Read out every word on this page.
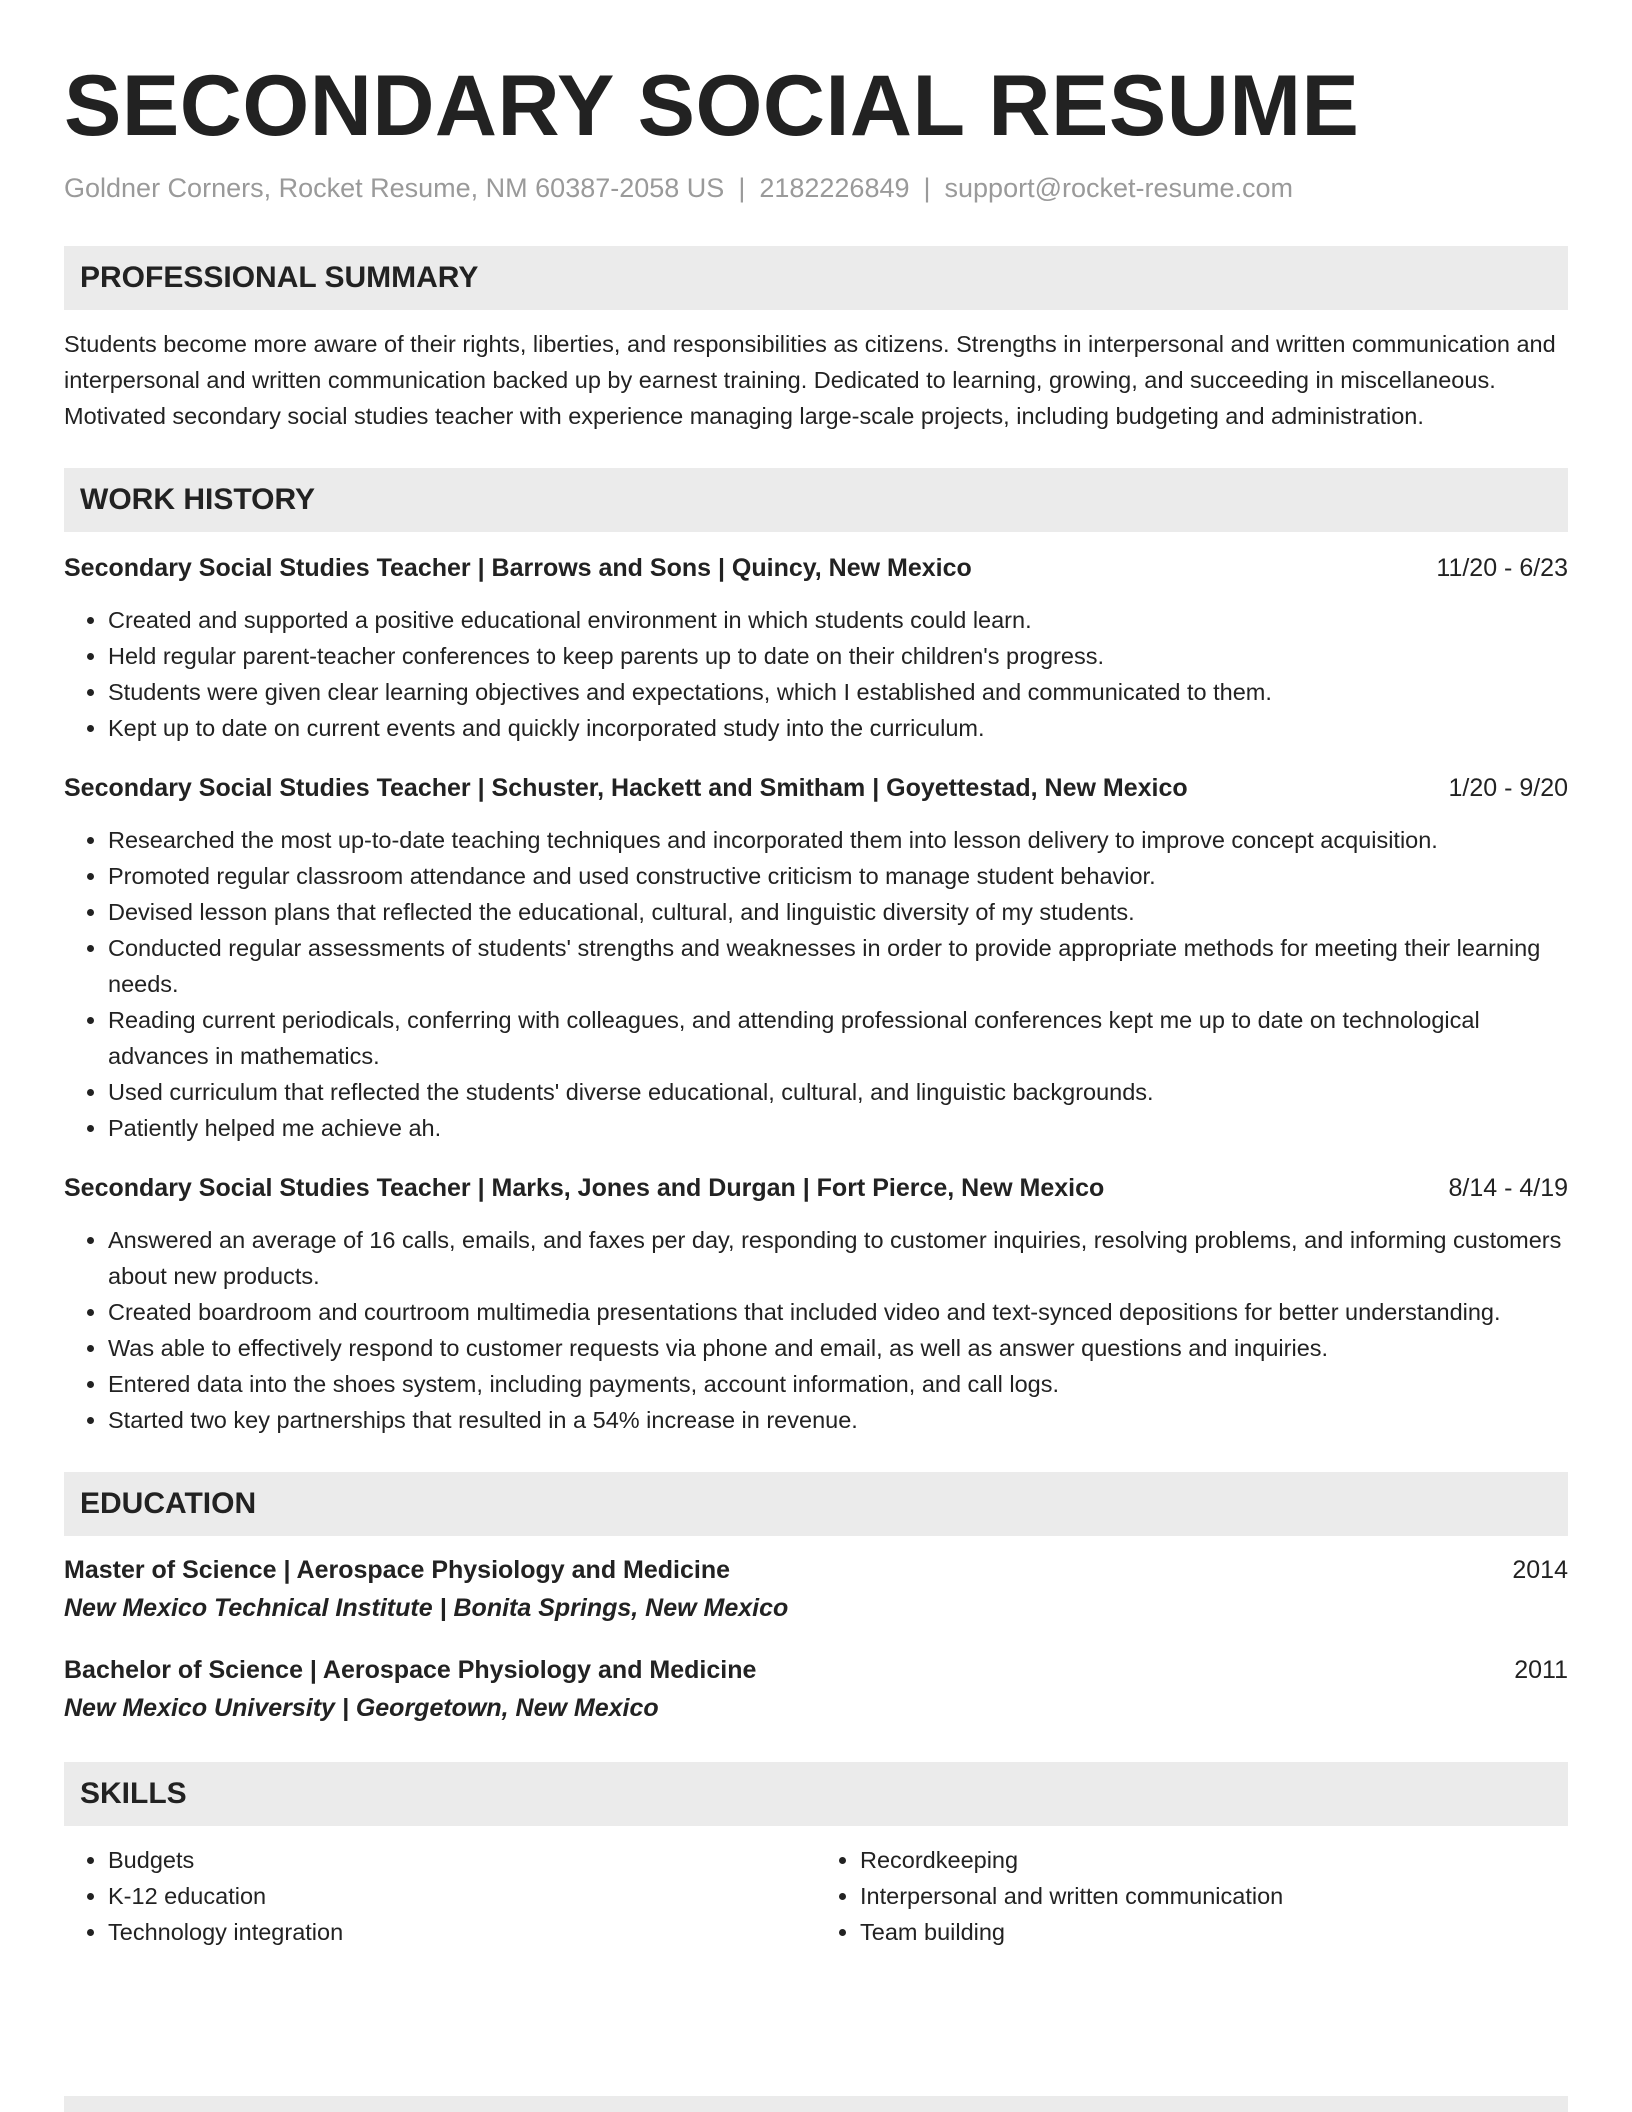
SECONDARY SOCIAL RESUME
Goldner Corners, Rocket Resume, NM 60387-2058 US | 2182226849 | support@rocket-resume.com
PROFESSIONAL SUMMARY
Students become more aware of their rights, liberties, and responsibilities as citizens. Strengths in interpersonal and written communication and interpersonal and written communication backed up by earnest training. Dedicated to learning, growing, and succeeding in miscellaneous. Motivated secondary social studies teacher with experience managing large-scale projects, including budgeting and administration.
WORK HISTORY
Secondary Social Studies Teacher | Barrows and Sons | Quincy, New Mexico	11/20 - 6/23
• Created and supported a positive educational environment in which students could learn.
• Held regular parent-teacher conferences to keep parents up to date on their children's progress.
• Students were given clear learning objectives and expectations, which I established and communicated to them.
• Kept up to date on current events and quickly incorporated study into the curriculum.
Secondary Social Studies Teacher | Schuster, Hackett and Smitham | Goyettestad, New Mexico	1/20 - 9/20
• Researched the most up-to-date teaching techniques and incorporated them into lesson delivery to improve concept acquisition.
• Promoted regular classroom attendance and used constructive criticism to manage student behavior.
• Devised lesson plans that reflected the educational, cultural, and linguistic diversity of my students.
• Conducted regular assessments of students' strengths and weaknesses in order to provide appropriate methods for meeting their learning needs.
• Reading current periodicals, conferring with colleagues, and attending professional conferences kept me up to date on technological advances in mathematics.
• Used curriculum that reflected the students' diverse educational, cultural, and linguistic backgrounds.
• Patiently helped me achieve ah.
Secondary Social Studies Teacher | Marks, Jones and Durgan | Fort Pierce, New Mexico	8/14 - 4/19
• Answered an average of 16 calls, emails, and faxes per day, responding to customer inquiries, resolving problems, and informing customers about new products.
• Created boardroom and courtroom multimedia presentations that included video and text-synced depositions for better understanding.
• Was able to effectively respond to customer requests via phone and email, as well as answer questions and inquiries.
• Entered data into the shoes system, including payments, account information, and call logs.
• Started two key partnerships that resulted in a 54% increase in revenue.
EDUCATION
Master of Science | Aerospace Physiology and Medicine	2014
New Mexico Technical Institute | Bonita Springs, New Mexico
Bachelor of Science | Aerospace Physiology and Medicine	2011
New Mexico University | Georgetown, New Mexico
SKILLS
• Budgets
• K-12 education
• Technology integration
• Recordkeeping
• Interpersonal and written communication
• Team building
